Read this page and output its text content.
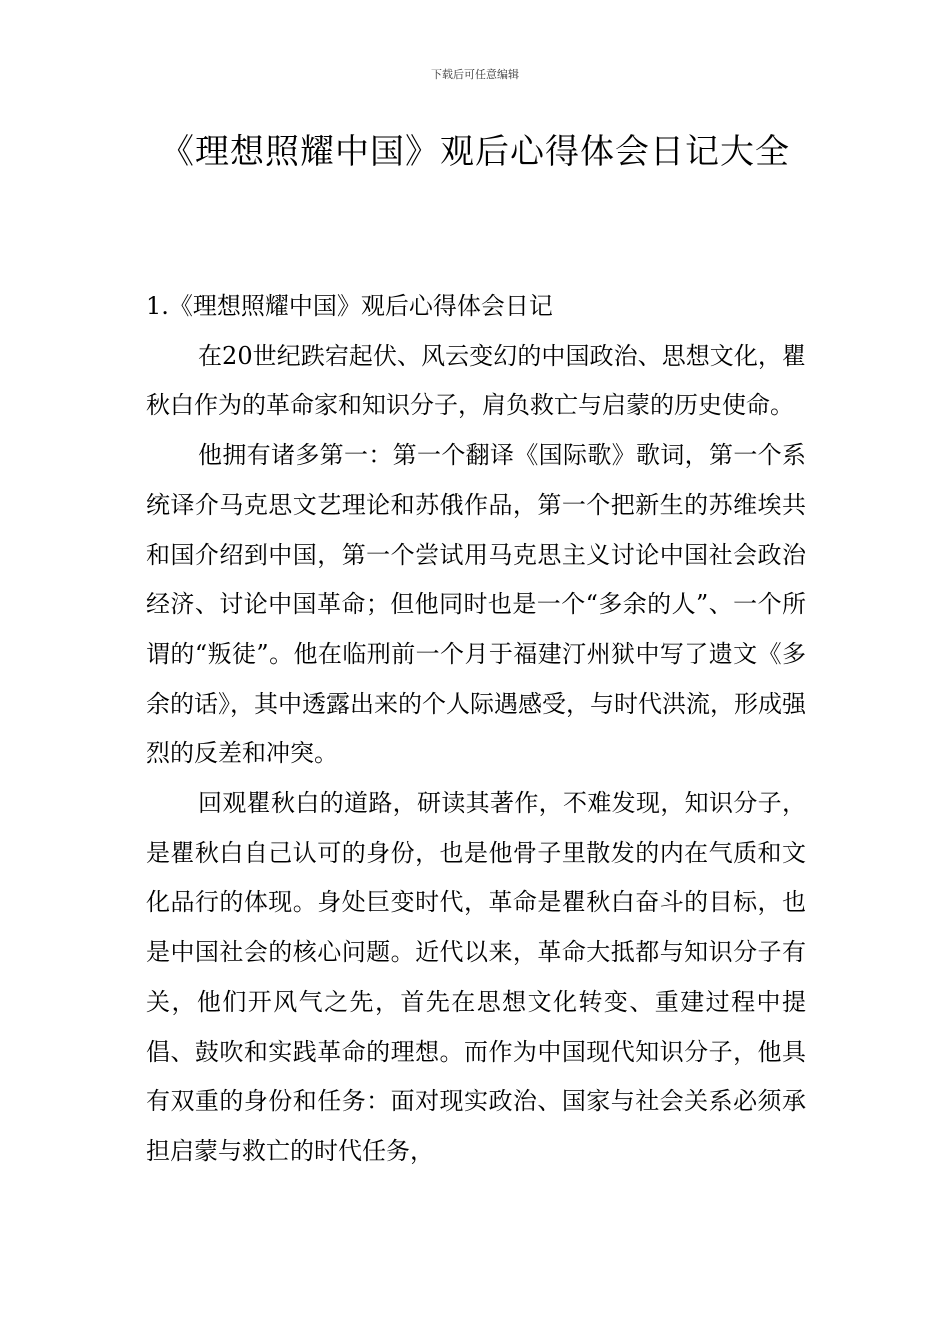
下载后可任意编辑
《理想照耀中国》观后心得体会日记大全
1.《理想照耀中国》观后心得体会日记

在20世纪跌宕起伏、风云变幻的中国政治、思想文化，瞿秋白作为的革命家和知识分子，肩负救亡与启蒙的历史使命。

他拥有诸多第一：第一个翻译《国际歌》歌词，第一个系统译介马克思文艺理论和苏俄作品，第一个把新生的苏维埃共和国介绍到中国，第一个尝试用马克思主义讨论中国社会政治经济、讨论中国革命；但他同时也是一个“多余的人”、一个所谓的“叛徒”。他在临刑前一个月于福建汀州狱中写了遗文《多余的话》，其中透露出来的个人际遇感受，与时代洪流，形成强烈的反差和冲突。

回观瞿秋白的道路，研读其著作，不难发现，知识分子，是瞿秋白自己认可的身份，也是他骨子里散发的内在气质和文化品行的体现。身处巨变时代，革命是瞿秋白奋斗的目标，也是中国社会的核心问题。近代以来，革命大抵都与知识分子有关，他们开风气之先，首先在思想文化转变、重建过程中提倡、鼓吹和实践革命的理想。而作为中国现代知识分子，他具有双重的身份和任务：面对现实政治、国家与社会关系必须承担启蒙与救亡的时代任务，
